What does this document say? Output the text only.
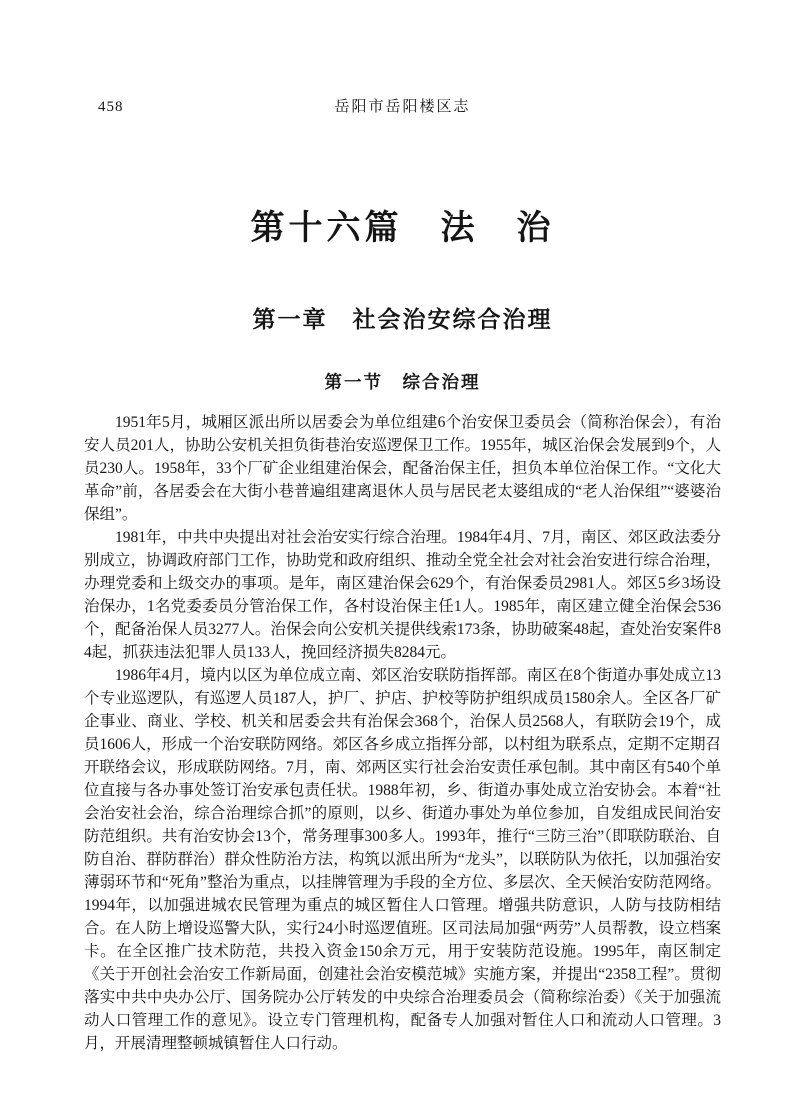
458	岳阳市岳阳楼区志
第十六篇　法　治
第一章　社会治安综合治理
第一节　综合治理

1951年5月，城厢区派出所以居委会为单位组建6个治安保卫委员会（简称治保会），有治安人员201人，协助公安机关担负街巷治安巡逻保卫工作。1955年，城区治保会发展到9个，人员230人。1958年，33个厂矿企业组建治保会，配备治保主任，担负本单位治保工作。“文化大革命”前，各居委会在大街小巷普遍组建离退休人员与居民老太婆组成的“老人治保组”“婆婆治保组”。

1981年，中共中央提出对社会治安实行综合治理。1984年4月、7月，南区、郊区政法委分别成立，协调政府部门工作，协助党和政府组织、推动全党全社会对社会治安进行综合治理，办理党委和上级交办的事项。是年，南区建治保会629个，有治保委员2981人。郊区5乡3场设治保办，1名党委委员分管治保工作，各村设治保主任1人。1985年，南区建立健全治保会536个，配备治保人员3277人。治保会向公安机关提供线索173条，协助破案48起，查处治安案件84起，抓获违法犯罪人员133人，挽回经济损失8284元。

1986年4月，境内以区为单位成立南、郊区治安联防指挥部。南区在8个街道办事处成立13个专业巡逻队，有巡逻人员187人，护厂、护店、护校等防护组织成员1580余人。全区各厂矿企事业、商业、学校、机关和居委会共有治保会368个，治保人员2568人，有联防会19个，成员1606人，形成一个治安联防网络。郊区各乡成立指挥分部，以村组为联系点，定期不定期召开联络会议，形成联防网络。7月，南、郊两区实行社会治安责任承包制。其中南区有540个单位直接与各办事处签订治安承包责任状。1988年初，乡、街道办事处成立治安协会。本着“社会治安社会治，综合治理综合抓”的原则，以乡、街道办事处为单位参加，自发组成民间治安防范组织。共有治安协会13个，常务理事300多人。1993年，推行“三防三治”（即联防联治、自防自治、群防群治）群众性防治方法，构筑以派出所为“龙头”，以联防队为依托，以加强治安薄弱环节和“死角”整治为重点，以挂牌管理为手段的全方位、多层次、全天候治安防范网络。1994年，以加强进城农民管理为重点的城区暂住人口管理。增强共防意识，人防与技防相结合。在人防上增设巡警大队，实行24小时巡逻值班。区司法局加强“两劳”人员帮教，设立档案卡。在全区推广技术防范，共投入资金150余万元，用于安装防范设施。1995年，南区制定《关于开创社会治安工作新局面，创建社会治安模范城》实施方案，并提出“2358工程”。贯彻落实中共中央办公厅、国务院办公厅转发的中央综合治理委员会（简称综治委）《关于加强流动人口管理工作的意见》。设立专门管理机构，配备专人加强对暂住人口和流动人口管理。3月，开展清理整顿城镇暂住人口行动。
